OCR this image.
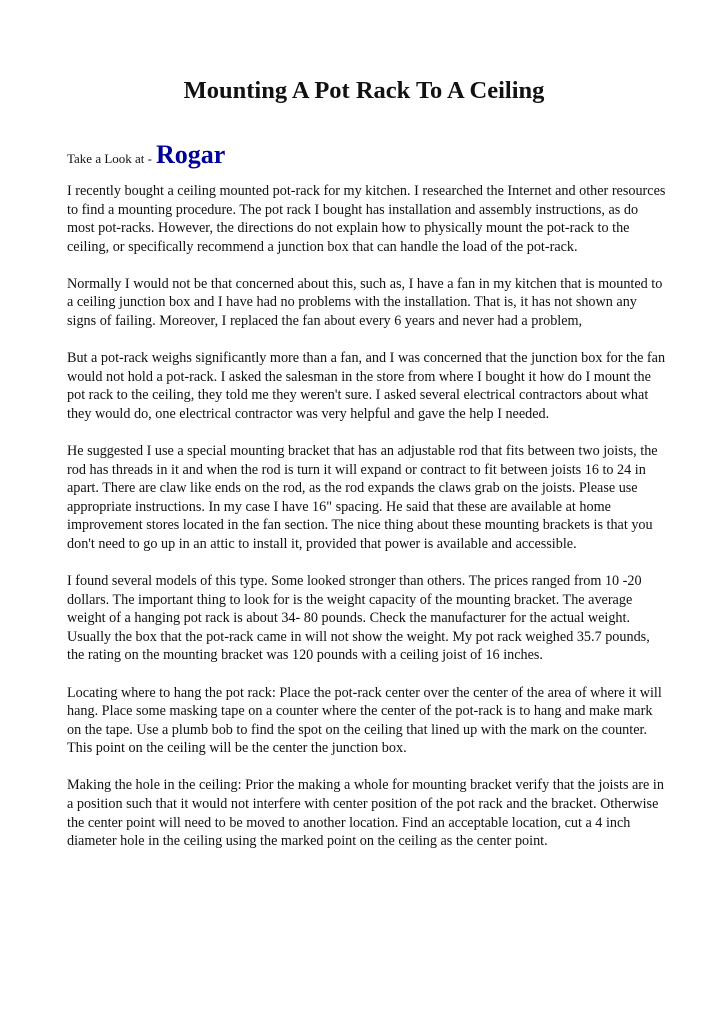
Mounting A Pot Rack To A Ceiling
Take a Look at - Rogar

I recently bought a ceiling mounted pot-rack for my kitchen. I researched the Internet and other resources to find a mounting procedure. The pot rack I bought has installation and assembly instructions, as do most pot-racks. However, the directions do not explain how to physically mount the pot-rack to the ceiling, or specifically recommend a junction box that can handle the load of the pot-rack.

Normally I would not be that concerned about this, such as, I have a fan in my kitchen that is mounted to a ceiling junction box and I have had no problems with the installation. That is, it has not shown any signs of failing. Moreover, I replaced the fan about every 6 years and never had a problem,

But a pot-rack weighs significantly more than a fan, and I was concerned that the junction box for the fan would not hold a pot-rack. I asked the salesman in the store from where I bought it how do I mount the pot rack to the ceiling, they told me they weren't sure. I asked several electrical contractors about what they would do, one electrical contractor was very helpful and gave the help I needed.

He suggested I use a special mounting bracket that has an adjustable rod that fits between two joists, the rod has threads in it and when the rod is turn it will expand or contract to fit between joists 16 to 24 in apart. There are claw like ends on the rod, as the rod expands the claws grab on the joists. Please use appropriate instructions. In my case I have 16" spacing. He said that these are available at home improvement stores located in the fan section. The nice thing about these mounting brackets is that you don't need to go up in an attic to install it, provided that power is available and accessible.

I found several models of this type. Some looked stronger than others. The prices ranged from 10 -20 dollars. The important thing to look for is the weight capacity of the mounting bracket. The average weight of a hanging pot rack is about 34- 80 pounds. Check the manufacturer for the actual weight. Usually the box that the pot-rack came in will not show the weight. My pot rack weighed 35.7 pounds, the rating on the mounting bracket was 120 pounds with a ceiling joist of 16 inches.

Locating where to hang the pot rack: Place the pot-rack center over the center of the area of where it will hang. Place some masking tape on a counter where the center of the pot-rack is to hang and make mark on the tape. Use a plumb bob to find the spot on the ceiling that lined up with the mark on the counter. This point on the ceiling will be the center the junction box.

Making the hole in the ceiling: Prior the making a whole for mounting bracket verify that the joists are in a position such that it would not interfere with center position of the pot rack and the bracket. Otherwise the center point will need to be moved to another location. Find an acceptable location, cut a 4 inch diameter hole in the ceiling using the marked point on the ceiling as the center point.
